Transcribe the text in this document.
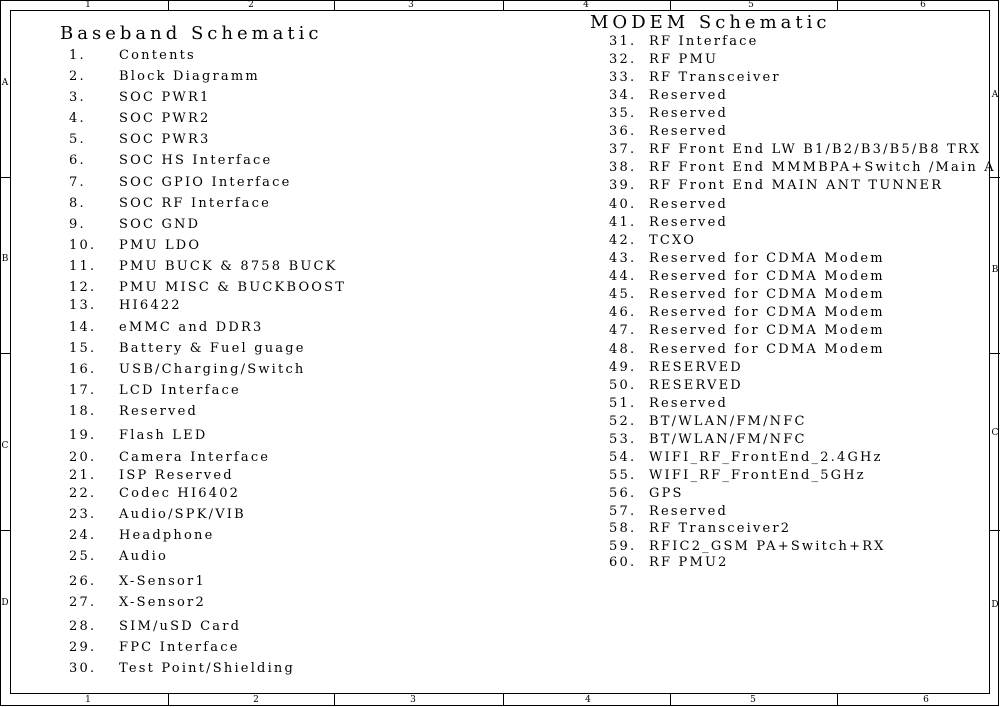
1	2	3	4	5	6
1	2	3	4	5	6
A
B
C
D
A
B
C
D
Baseband Schematic
MODEM Schematic
1.	Contents
2.	Block Diagramm
3.	SOC PWR1
4.	SOC PWR2
5.	SOC PWR3
6.	SOC HS Interface
7.	SOC GPIO Interface
8.	SOC RF Interface
9.	SOC GND
10. PMU LDO
11. PMU BUCK & 8758 BUCK
12. PMU MISC & BUCKBOOST
13. HI6422
14. eMMC and DDR3
15. Battery & Fuel guage
16. USB/Charging/Switch
17. LCD Interface
18. Reserved
19. Flash LED
20. Camera Interface
21. ISP Reserved
22. Codec HI6402
23. Audio/SPK/VIB
24. Headphone
25. Audio
26. X-Sensor1
27. X-Sensor2
28. SIM/uSD Card
29. FPC Interface
30. Test Point/Shielding
31. RF Interface
32. RF PMU
33. RF Transceiver
34. Reserved
35. Reserved
36. Reserved
37. RF Front End LW B1/B2/B3/B5/B8 TRX
38. RF Front End MMMBPA+Switch /Main A
39. RF Front End MAIN ANT TUNNER
40. Reserved
41. Reserved
42. TCXO
43. Reserved for CDMA Modem
44. Reserved for CDMA Modem
45. Reserved for CDMA Modem
46. Reserved for CDMA Modem
47. Reserved for CDMA Modem
48. Reserved for CDMA Modem
49. RESERVED
50. RESERVED
51. Reserved
52. BT/WLAN/FM/NFC
53. BT/WLAN/FM/NFC
54. WIFI_RF_FrontEnd_2.4GHz
55. WIFI_RF_FrontEnd_5GHz
56. GPS
57. Reserved
58. RF Transceiver2
59. RFIC2_GSM PA+Switch+RX
60. RF PMU2
